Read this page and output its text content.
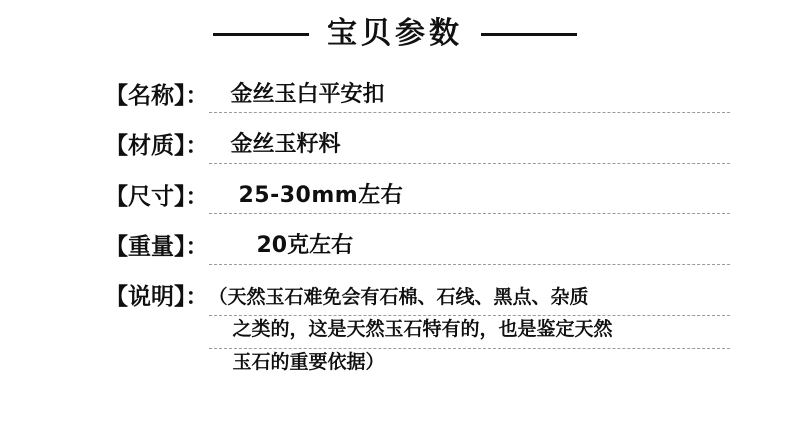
宝贝参数
【名称】：	金丝玉白平安扣
【材质】：	金丝玉籽料
【尺寸】：	25-30mm左右
【重量】：	20克左右
【说明】： （天然玉石难免会有石棉、石线、黑点、杂质
之类的，这是天然玉石特有的，也是鉴定天然
玉石的重要依据）
